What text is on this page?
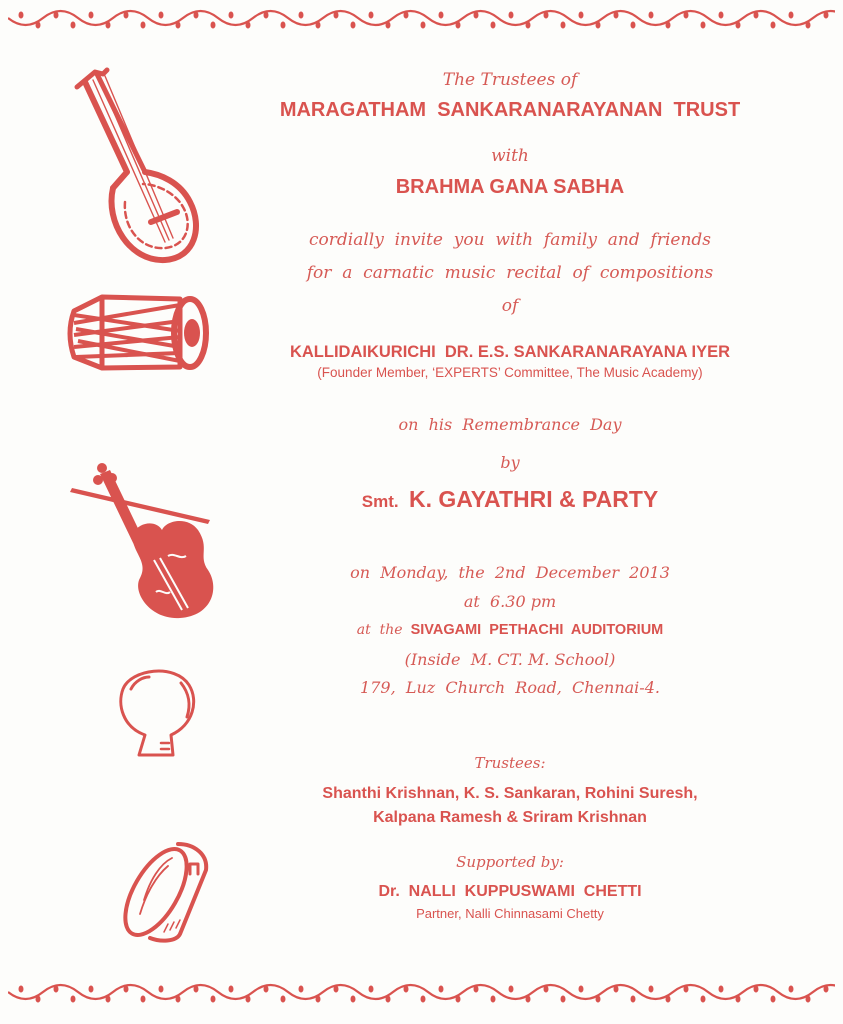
The Trustees of
MARAGATHAM  SANKARANARAYANAN  TRUST
with
BRAHMA GANA SABHA
cordially  invite  you  with  family  and  friends
for  a  carnatic  music  recital  of  compositions
of
KALLIDAIKURICHI  DR. E.S. SANKARANARAYANA IYER
(Founder Member, ‘EXPERTS’ Committee, The Music Academy)
on  his  Remembrance  Day
by
Smt. K. GAYATHRI & PARTY
on  Monday,  the  2nd  December  2013
at  6.30 pm
at  the SIVAGAMI  PETHACHI  AUDITORIUM
(Inside  M. CT. M. School)
179,  Luz  Church  Road,  Chennai-4.
Trustees:
Shanthi Krishnan, K. S. Sankaran, Rohini Suresh,
Kalpana Ramesh & Sriram Krishnan
Supported by:
Dr.  NALLI  KUPPUSWAMI  CHETTI
Partner, Nalli Chinnasami Chetty
